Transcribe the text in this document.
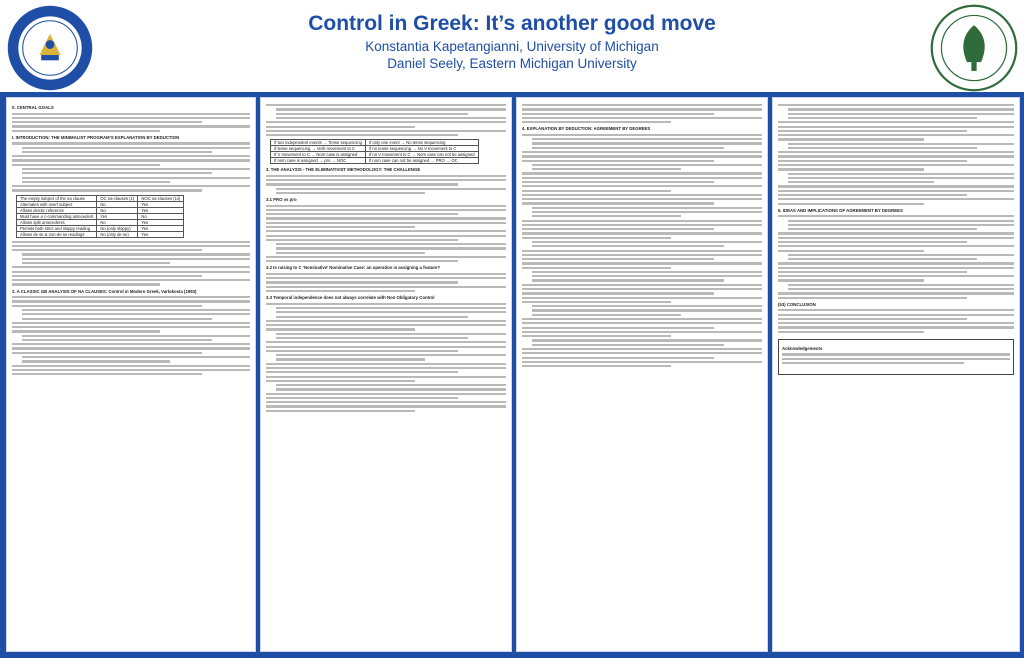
Control in Greek: It’s another good move
Konstantia Kapetangianni, University of Michigan
Daniel Seely, Eastern Michigan University
0. CENTRAL GOALS
I. INTRODUCTION: THE MINIMALIST PROGRAM’S EXPLANATION BY DEDUCTION
The empty subject of the na clause	OC na-clauses (1)	NOC na-clauses (1ii)
Alternates with overt subject	No	Yes
Allows deictic reference	No	Yes
Must have a c-commanding antecedent	Yes	No
Allows split antecedents	No	Yes
Permits both strict and sloppy reading	No (only sloppy)	Yes
Allows de se & non-de se readings	No (only de se)	Yes
2. A CLASSIC GB ANALYSIS OF NA CLAUSES: Control in Modern Greek, Varlokosta (1993)
If two independent events → Tense sequencing	If only one event → No tense sequencing
If tense sequencing → Verb movement to C	If no tense sequencing → No V movement to C
If V movement to C → Nom case is assigned	If no V movement to C → Nom case can not be assigned
If nom case is assigned → pro → NOC	If nom case can not be assigned → PRO → OC
3. THE ANALYSIS - THE ELIMINATIVIST METHODOLOGY: THE CHALLENGE
3.1 PRO vs pro
3.2 Is raising to C ‘Nominative’ Nominative Case: an operation is assigning a feature?
3.3 Temporal independence does not always correlate with Non Obligatory Control
4. EXPLANATION BY DEDUCTION: AGREEMENT BY DEGREES
5. IDEAS AND IMPLICATIONS OF AGREEMENT BY DEGREES
(53) CONCLUSION
Acknowledgements
